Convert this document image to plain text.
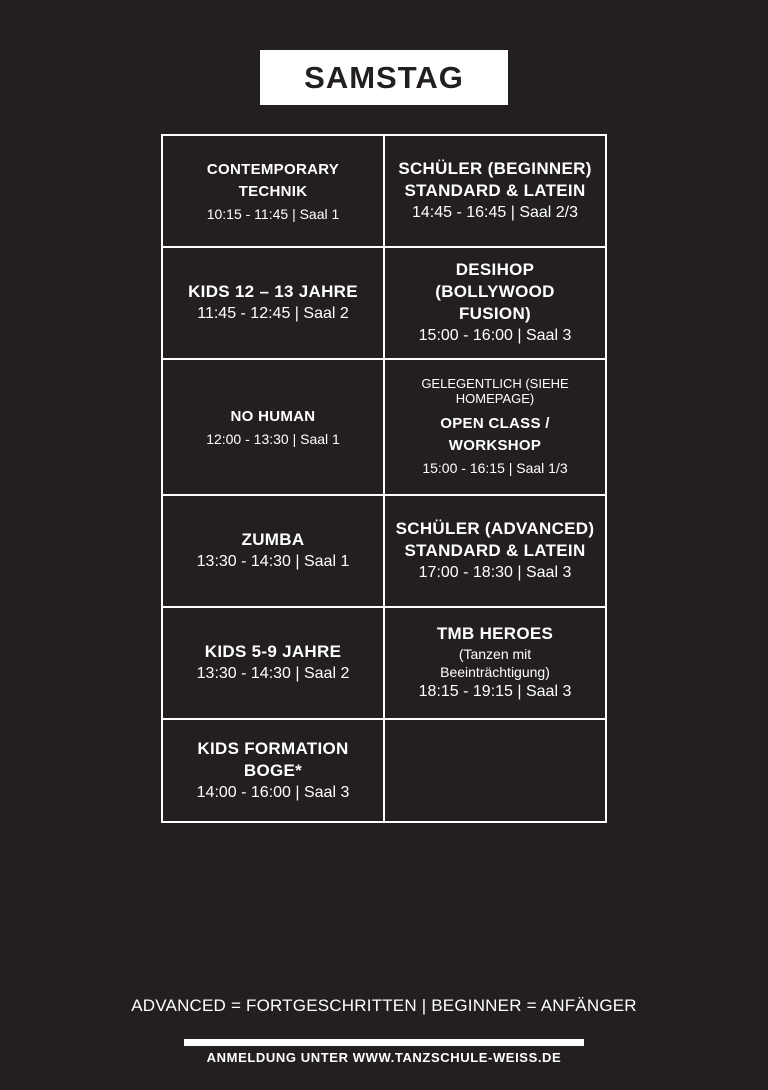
SAMSTAG
CONTEMPORARY TECHNIK
10:15 - 11:45 | Saal 1
SCHÜLER (BEGINNER) STANDARD & LATEIN
14:45 - 16:45 | Saal 2/3
KIDS 12 – 13 JAHRE
11:45 - 12:45 | Saal 2
DESIHOP (BOLLYWOOD FUSION)
15:00 - 16:00 | Saal 3
NO HUMAN
12:00 - 13:30 | Saal 1
GELEGENTLICH (SIEHE HOMEPAGE)
OPEN CLASS / WORKSHOP
15:00 - 16:15 | Saal 1/3
ZUMBA
13:30 - 14:30 | Saal 1
SCHÜLER (ADVANCED) STANDARD & LATEIN
17:00 - 18:30 | Saal 3
KIDS 5-9 JAHRE
13:30 - 14:30 | Saal 2
TMB HEROES
(Tanzen mit Beeinträchtigung)
18:15 - 19:15 | Saal 3
KIDS FORMATION BOGE*
14:00 - 16:00 | Saal 3
ADVANCED = FORTGESCHRITTEN | BEGINNER = ANFÄNGER
ANMELDUNG UNTER WWW.TANZSCHULE-WEISS.DE
